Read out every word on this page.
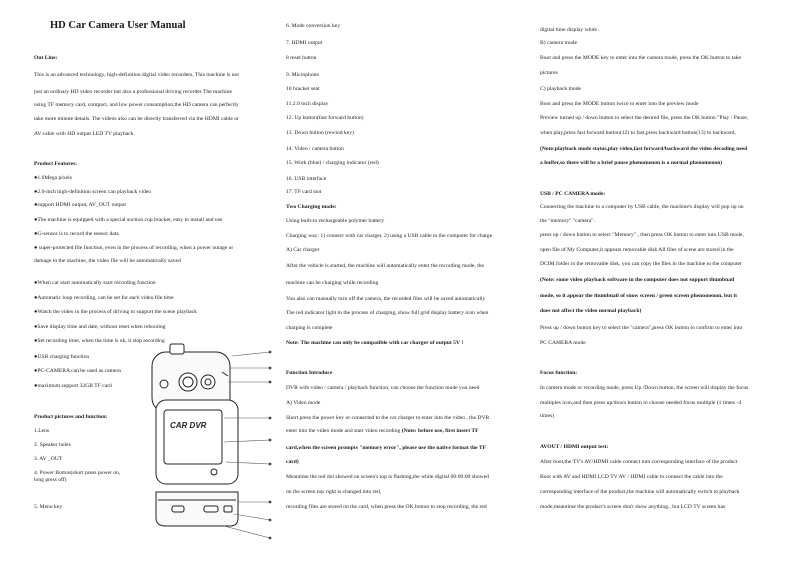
HD Car Camera User Manual
Out Line:
This is an advanced technology, high-definition digital video recorders, This machine is not
just an ordinary HD video recorder but also a professional driving recorder The machine
using TF memory card, compact, and low power consumption,the HD camera can perfectly
take more minute details. The videos also can be directly transferred via the HDMI cable or
AV cable with HD output LED TV playback
Product Features:
●1.0Mega pixels
●2.0-inch high-definition screen can playback video
●support HDMI output, AV_OUT output
●The machine is equipped with a special suction cup bracket, easy to install and use
●G-sensor is to record the sensor data
● super-protected file function, even in the process of recording, when a power outage or
damage to the machine, the video file will be automatically saved
●When car start automatically start recording function
●Automatic loop recording, can be set for each video file time
●Watch the video in the process of driving to support the scene playback
●Save display time and date, without reset when rebooting
●Set recording time, when the time is ok, it stop recording
●USB charging function
●PC-CAMERA can be used as camera
●maximum support 32GB TF card
Product pictures and function:
1.Lens
2. Speaker holes
3. AV _OUT
4. Power Button(short press power on,
long press off)
5. Menu key
6. Mode conversion key
7. HDMI output
8 reset button
9. Microphone
10 bracket seat
11.2.0 inch display
12. Up button(fast forward button)
13. Down button (rewind key)
14. Video / camera button
15. Work (blue) / charging indicator (red)
16. USB interface
17. TF card slot
Two Charging mode:
Using built-in rechargeable polymer battery
Charging way: 1) connect with car charger, 2) using a USB cable to the computer for charge
A) Car charger
After the vehicle is started, the machine will automatically enter the recording mode, the
machine can be charging while recording
You also can manually turn off the camera, the recorded files will be saved automatically
The red indicator light in the process of charging, show full grid display battery icon when
charging is complete
Note: The machine can only be compatible with car charger of output 5V !
Function Introduce
DVR with video / camera / playback function, can choose the function mode you need
A) Video mode
Short press the power key or connected to the car charger to enter into the video , the DVR
enter into the video mode and start video recording (Note: before use, first insert TF
card,when the screen prompts "memory error", please use the native format the TF
card)
Meantime the red dot showed on screen's top is flashing,the white digital 00:00:00 showed
on the screen top right is changed into red,
recording files are stored on the card, when press the OK button to stop recording, the red
digital time display white .
B) camera mode
Boot and press the MODE key to enter into the camera mode, press the OK button to take
pictures
C) playback mode
Boot and press the MODE button twice to enter into the preview mode
Preview turned up / down button to select the desired file, press the OK button "Play / Pause,
when play,press fast forward button(12) to fast,press backward button(13) to backward,
(Note:playback mode status,play video,fast forward/backward the video decoding need
a buffer,so there will be a brief pause phenomenon is a normal phenomenon)
USB / PC CAMERA mode:
Connecting the machine to a computer by USB cable, the machine's display will pop up on
the "memory" "camera".
press up / down button to select "Memory" , then press OK button to enter into USB mode,
open file of My Computer,it appears removable disk All files of scene are stored in the
DCIM folder in the removable disk, you can copy the files in the machine to the computer
(Note: some video playback software in the computer does not support thumbnail
mode, so it appear the thumbnail of snow screen / green screen phenomenon, but it
does not affect the video normal playback)
Press up / down button key to select the "camera",press OK button to confirm to enter into
PC CAMERA mode
Focus function:
In camera mode or recording mode, press Up /Down button, the screen will display the focus
multiples icon,and then press up/down button to choose needed focus multiple (1 times -4
times)
AVOUT / HDMI output test:
After boot,the TV's AV/HDMI cable connect into corresponding interface of the product
Boot with AV and HDMI LCD TV AV / HDMI cable to connect the cable into the
corresponding interface of the product,the machine will automatically switch to playback
mode,meantime the product's screen don't show anything., but LCD TV screen has
CAR DVR
